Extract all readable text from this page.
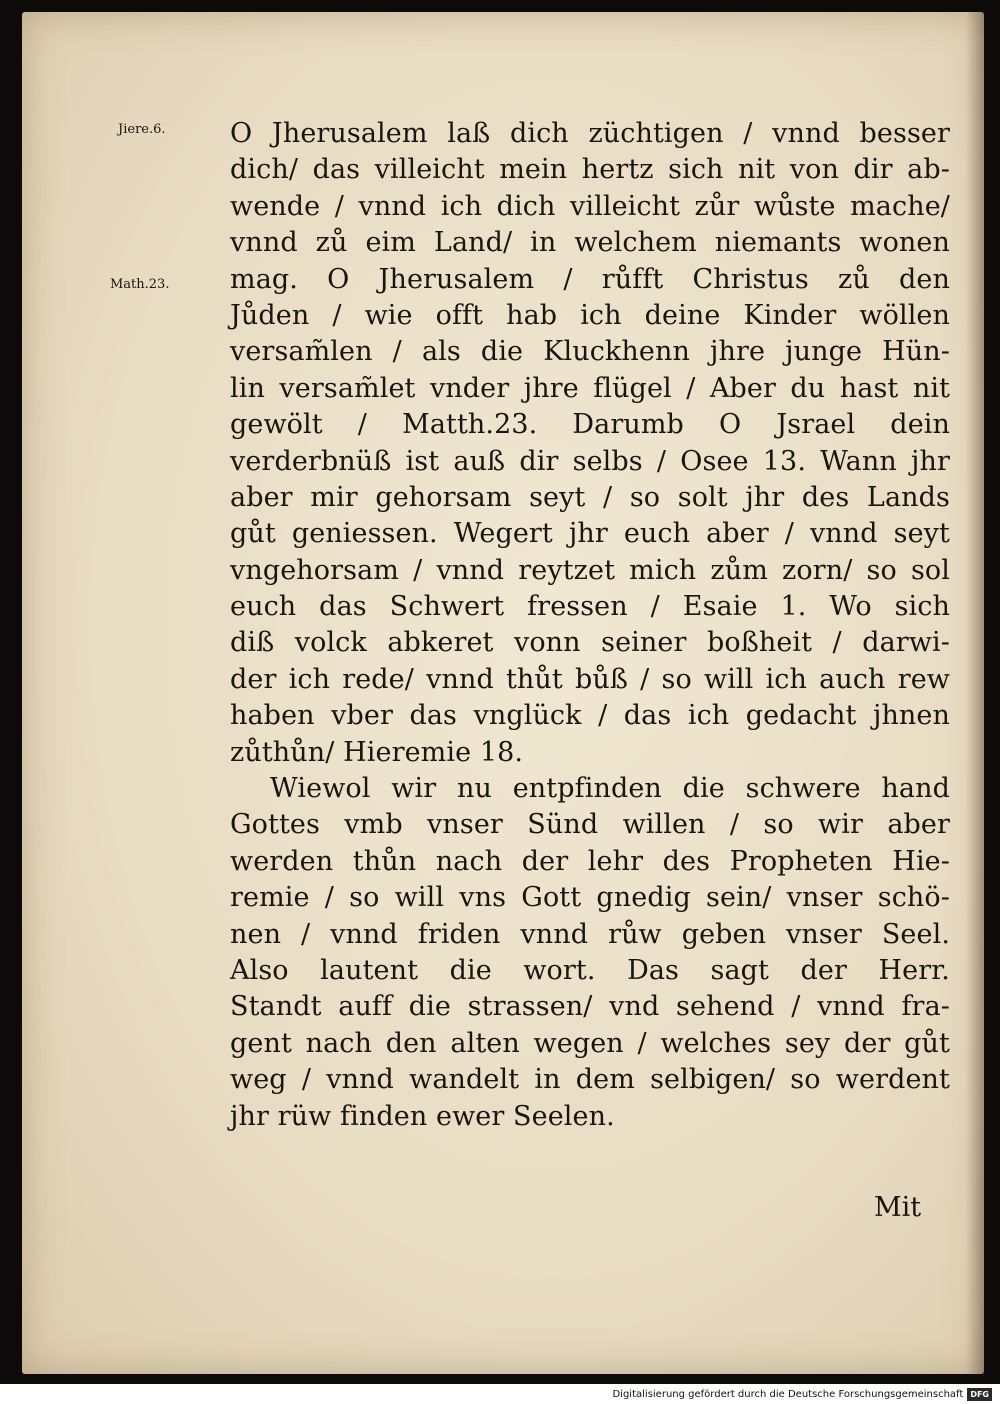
Jiere.6.
Math.23.
O Jherusalem laß dich züchtigen / vnnd besser
dich/ das villeicht mein hertz sich nit von dir ab-
wende / vnnd ich dich villeicht zůr wůste mache/
vnnd zů eim Land/ in welchem niemants wonen
mag. O Jherusalem / růfft Christus zů den
Jůden / wie offt hab ich deine Kinder wöllen
versam̃len / als die Kluckhenn jhre junge Hün-
lin versam̃let vnder jhre flügel / Aber du hast nit
gewölt / Matth.23. Darumb O Jsrael dein
verderbnüß ist auß dir selbs / Osee 13. Wann jhr
aber mir gehorsam seyt / so solt jhr des Lands
gůt geniessen. Wegert jhr euch aber / vnnd seyt
vngehorsam / vnnd reytzet mich zům zorn/ so sol
euch das Schwert fressen / Esaie 1. Wo sich
diß volck abkeret vonn seiner boßheit / darwi-
der ich rede/ vnnd thůt bůß / so will ich auch rew
haben vber das vnglück / das ich gedacht jhnen
zůthůn/ Hieremie 18.
Wiewol wir nu entpfinden die schwere hand
Gottes vmb vnser Sünd willen / so wir aber
werden thůn nach der lehr des Propheten Hie-
remie / so will vns Gott gnedig sein/ vnser schö-
nen / vnnd friden vnnd růw geben vnser Seel.
Also lautent die wort. Das sagt der Herr.
Standt auff die strassen/ vnd sehend / vnnd fra-
gent nach den alten wegen / welches sey der gůt
weg / vnnd wandelt in dem selbigen/ so werdent
jhr rüw finden ewer Seelen.
Mit
Digitalisierung gefördert durch die Deutsche Forschungsgemeinschaft DFG
